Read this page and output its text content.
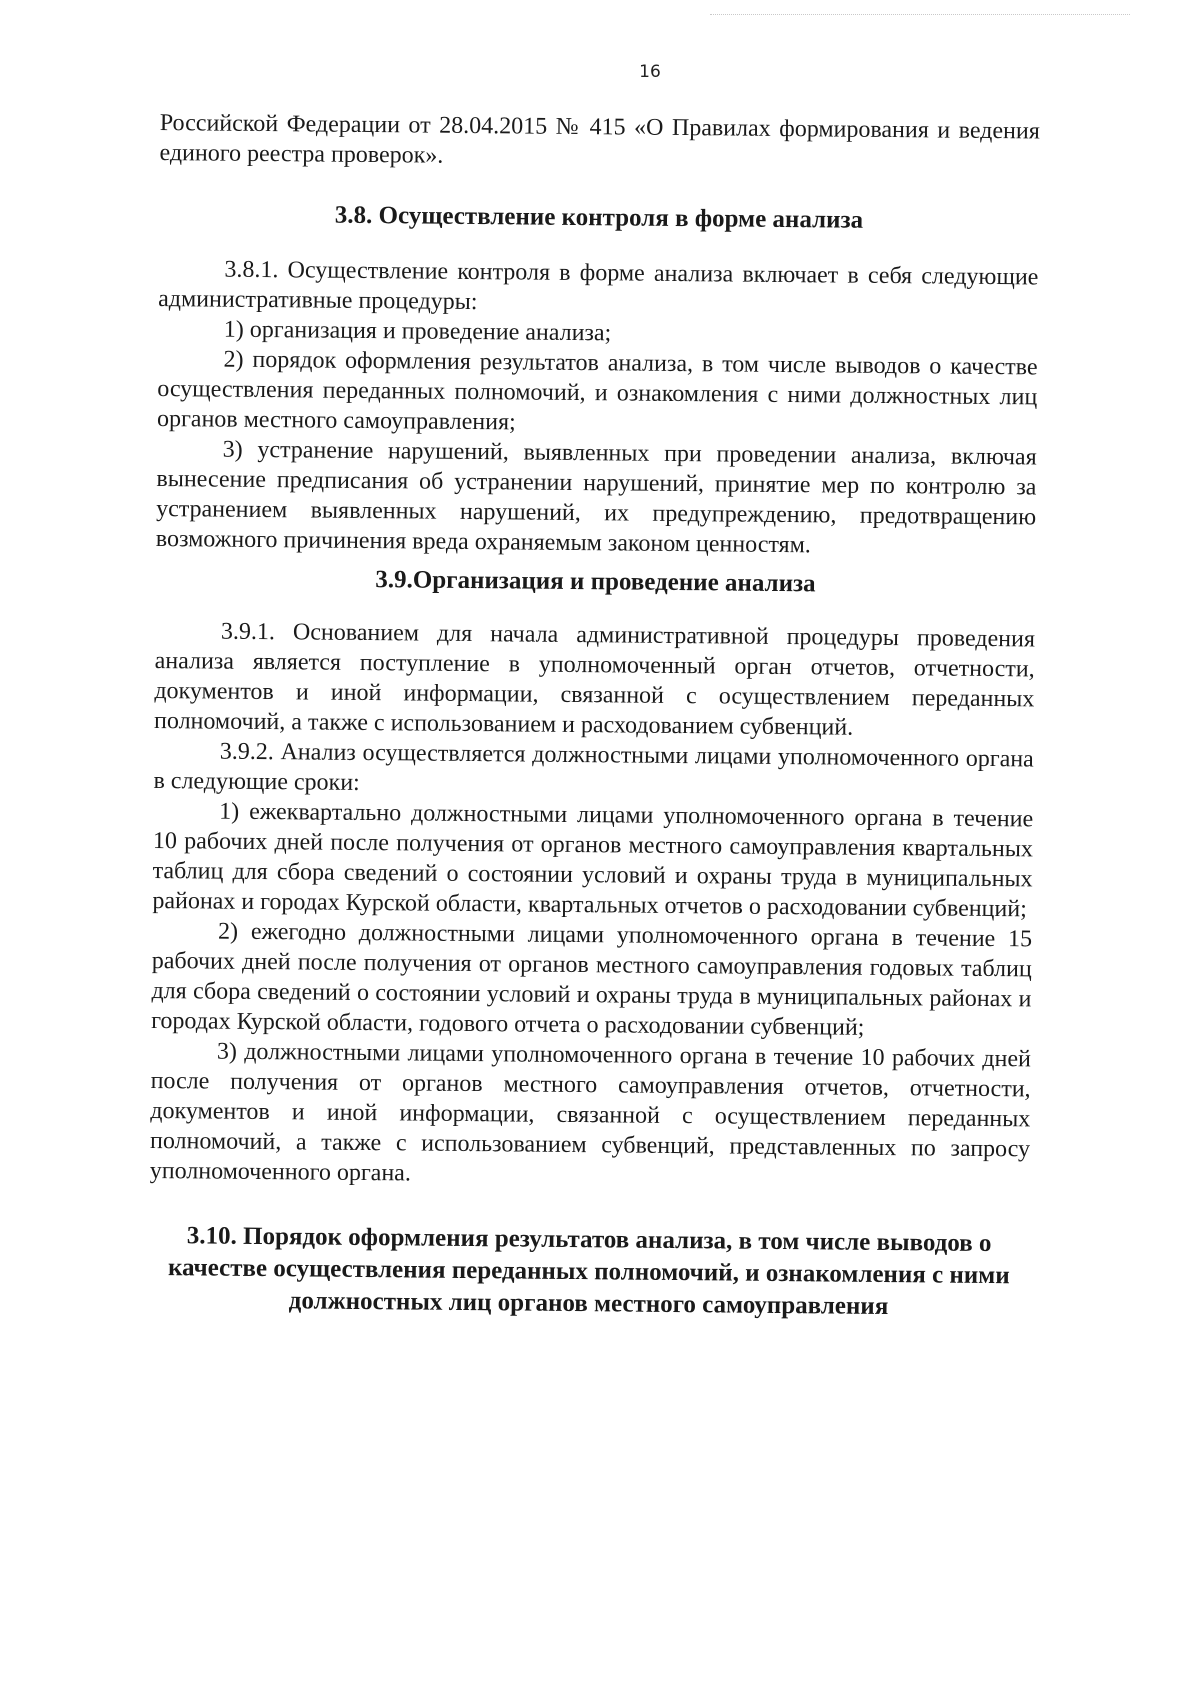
16

Российской Федерации от 28.04.2015 № 415 «О Правилах формирования и ведения единого реестра проверок».

3.8. Осуществление контроля в форме анализа

3.8.1. Осуществление контроля в форме анализа включает в себя следующие административные процедуры:

1) организация и проведение анализа;

2) порядок оформления результатов анализа, в том числе выводов о качестве осуществления переданных полномочий, и ознакомления с ними должностных лиц органов местного самоуправления;

3) устранение нарушений, выявленных при проведении анализа, включая вынесение предписания об устранении нарушений, принятие мер по контролю за устранением выявленных нарушений, их предупреждению, предотвращению возможного причинения вреда охраняемым законом ценностям.

3.9.Организация и проведение анализа

3.9.1. Основанием для начала административной процедуры проведения анализа является поступление в уполномоченный орган отчетов, отчетности, документов и иной информации, связанной с осуществлением переданных полномочий, а также с использованием и расходованием субвенций.

3.9.2. Анализ осуществляется должностными лицами уполномоченного органа в следующие сроки:

1) ежеквартально должностными лицами уполномоченного органа в течение 10 рабочих дней после получения от органов местного самоуправления квартальных таблиц для сбора сведений о состоянии условий и охраны труда в муниципальных районах и городах Курской области, квартальных отчетов о расходовании субвенций;

2) ежегодно должностными лицами уполномоченного органа в течение 15 рабочих дней после получения от органов местного самоуправления годовых таблиц для сбора сведений о состоянии условий и охраны труда в муниципальных районах и городах Курской области, годового отчета о расходовании субвенций;

3) должностными лицами уполномоченного органа в течение 10 рабочих дней после получения от органов местного самоуправления отчетов, отчетности, документов и иной информации, связанной с осуществлением переданных полномочий, а также с использованием субвенций, представленных по запросу уполномоченного органа.

3.10. Порядок оформления результатов анализа, в том числе выводов о качестве осуществления переданных полномочий, и ознакомления с ними должностных лиц органов местного самоуправления
